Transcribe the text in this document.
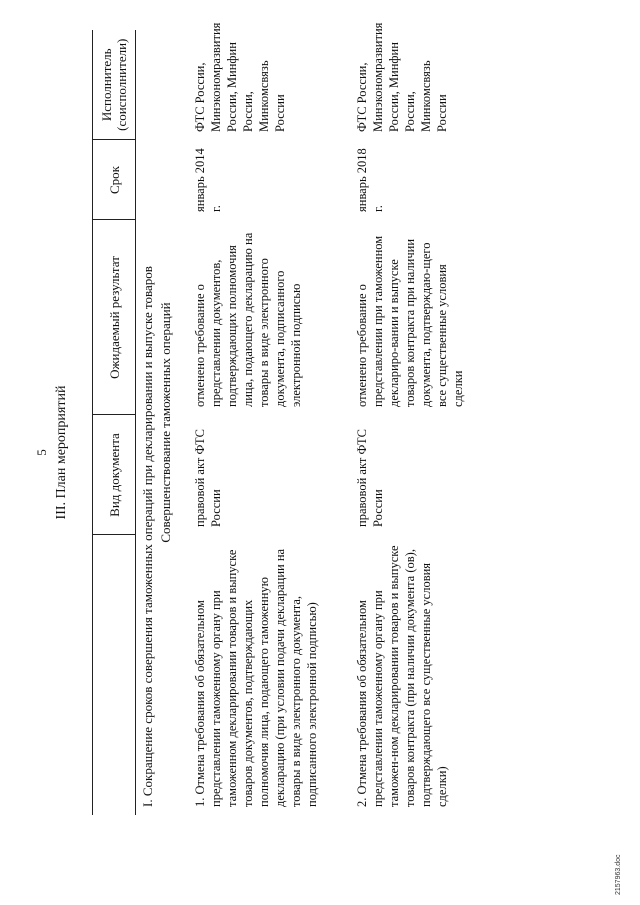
5 III. План мероприятий
		Вид документа	Ожидаемый результат	Срок	Исполнитель
(соисполнители)
I. Сокращение сроков совершения таможенных операций при декларировании и выпуске товаров				
Совершенствование таможенных операций				
1. Отмена требования об обязательном представлении таможенному органу при таможенном декларировании товаров и выпуске товаров документов, подтверждающих полномочия лица, подающего таможенную декларацию (при условии подачи декларации на товары в виде электронного документа, подписанного электронной подписью)	правовой акт ФТС России	отменено требование о представлении документов, подтверждающих полномочия лица, подающего декларацию на товары в виде электронного документа, подписанного электронной подписью	январь 2014 г.	ФТС России, Минэкономразвития России, Минфин России, Минкомсвязь России
2. Отмена требования об обязательном представлении таможенному органу при таможен-ном декларировании товаров и выпуске товаров контракта (при наличии документа (ов), подтверждающего все существенные условия сделки)	правовой акт ФТС России	отменено требование о представлении при таможенном деклариро-вании и выпуске товаров контракта при наличии документа, подтверждаю-щего все существенные условия сделки	январь 2018 г.	ФТС России, Минэкономразвития России, Минфин России, Минкомсвязь России
2157963.doc
